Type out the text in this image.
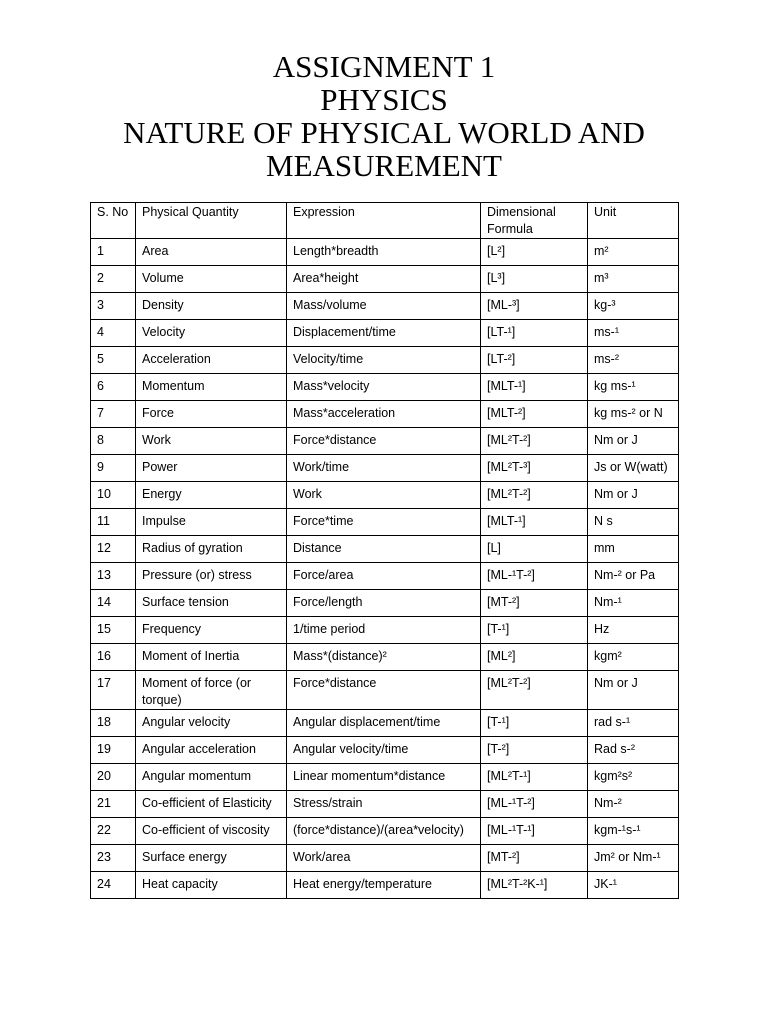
ASSIGNMENT 1
PHYSICS
NATURE OF PHYSICAL WORLD AND
MEASUREMENT
S. No	Physical Quantity	Expression	Dimensional Formula	Unit
1	Area	Length*breadth	[L²]	m²
2	Volume	Area*height	[L³]	m³
3	Density	Mass/volume	[ML-³]	kg-³
4	Velocity	Displacement/time	[LT-¹]	ms-¹
5	Acceleration	Velocity/time	[LT-²]	ms-²
6	Momentum	Mass*velocity	[MLT-¹]	kg ms-¹
7	Force	Mass*acceleration	[MLT-²]	kg ms-² or N
8	Work	Force*distance	[ML²T-²]	Nm or J
9	Power	Work/time	[ML²T-³]	Js or W(watt)
10	Energy	Work	[ML²T-²]	Nm or J
11	Impulse	Force*time	[MLT-¹]	N s
12	Radius of gyration	Distance	[L]	mm
13	Pressure (or) stress	Force/area	[ML-¹T-²]	Nm-² or Pa
14	Surface tension	Force/length	[MT-²]	Nm-¹
15	Frequency	1/time period	[T-¹]	Hz
16	Moment of Inertia	Mass*(distance)²	[ML²]	kgm²
17	Moment of force (or torque)	Force*distance	[ML²T-²]	Nm or J
18	Angular velocity	Angular displacement/time	[T-¹]	rad s-¹
19	Angular acceleration	Angular velocity/time	[T-²]	Rad s-²
20	Angular momentum	Linear momentum*distance	[ML²T-¹]	kgm²s²
21	Co-efficient of Elasticity	Stress/strain	[ML-¹T-²]	Nm-²
22	Co-efficient of viscosity	(force*distance)/(area*velocity)	[ML-¹T-¹]	kgm-¹s-¹
23	Surface energy	Work/area	[MT-²]	Jm² or Nm-¹
24	Heat capacity	Heat energy/temperature	[ML²T-²K-¹]	JK-¹
